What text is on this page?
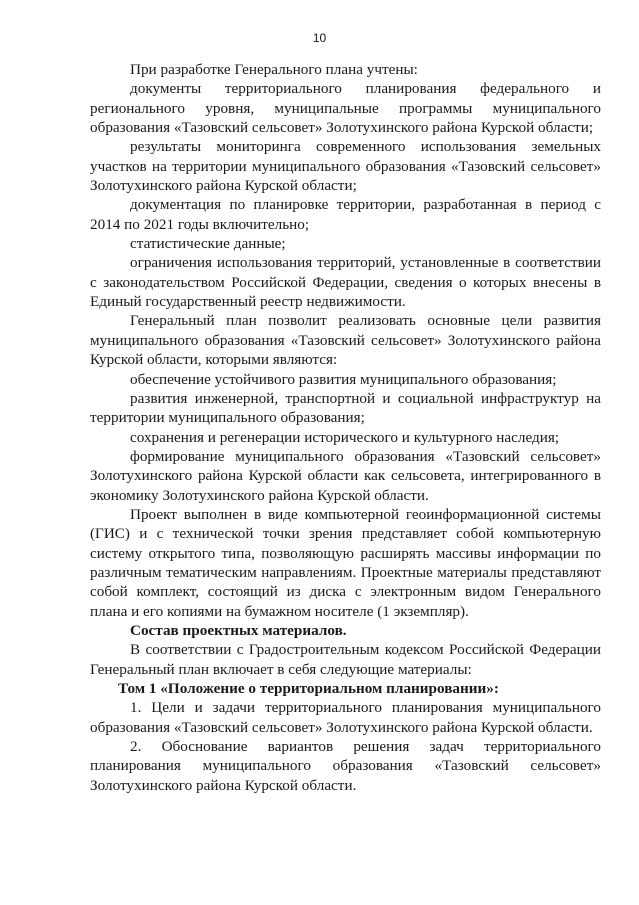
10

При разработке Генерального плана учтены:

документы территориального планирования федерального и регионального уровня, муниципальные программы муниципального образования «Тазовский сельсовет» Золотухинского района Курской области;

результаты мониторинга современного использования земельных участков на территории муниципального образования «Тазовский сельсовет» Золотухинского района Курской области;

документация по планировке территории, разработанная в период с 2014 по 2021 годы включительно;

статистические данные;

ограничения использования территорий, установленные в соответствии с законодательством Российской Федерации, сведения о которых внесены в Единый государственный реестр недвижимости.

Генеральный план позволит реализовать основные цели развития муниципального образования «Тазовский сельсовет» Золотухинского района Курской области, которыми являются:

обеспечение устойчивого развития муниципального образования;

развития инженерной, транспортной и социальной инфраструктур на территории муниципального образования;

сохранения и регенерации исторического и культурного наследия;

формирование муниципального образования «Тазовский сельсовет» Золотухинского района Курской области как сельсовета, интегрированного в экономику Золотухинского района Курской области.

Проект выполнен в виде компьютерной геоинформационной системы (ГИС) и с технической точки зрения представляет собой компьютерную систему открытого типа, позволяющую расширять массивы информации по различным тематическим направлениям. Проектные материалы представляют собой комплект, состоящий из диска с электронным видом Генерального плана и его копиями на бумажном носителе (1 экземпляр).

Состав проектных материалов.

В соответствии с Градостроительным кодексом Российской Федерации Генеральный план включает в себя следующие материалы:

Том 1 «Положение о территориальном планировании»:

1. Цели и задачи территориального планирования муниципального образования «Тазовский сельсовет» Золотухинского района Курской области.

2. Обоснование вариантов решения задач территориального планирования муниципального образования «Тазовский сельсовет» Золотухинского района Курской области.
